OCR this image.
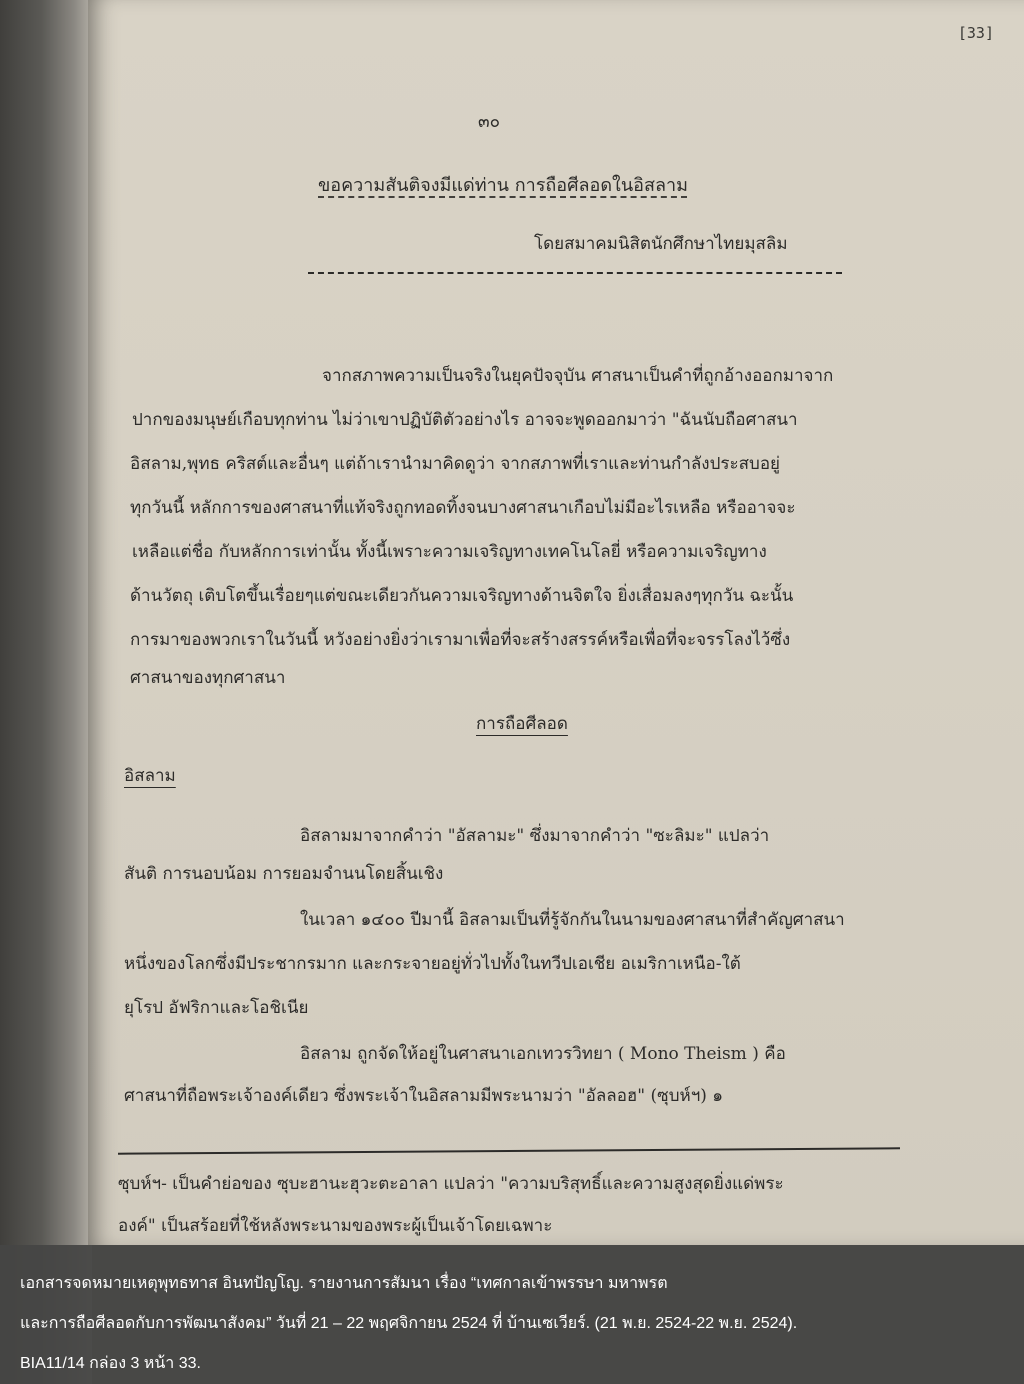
[33]
๓๐
ขอความสันติจงมีแด่ท่าน การถือศีลอดในอิสลาม
โดยสมาคมนิสิตนักศึกษาไทยมุสลิม
จากสภาพความเป็นจริงในยุคปัจจุบัน ศาสนาเป็นคำที่ถูกอ้างออกมาจาก
ปากของมนุษย์เกือบทุกท่าน ไม่ว่าเขาปฏิบัติตัวอย่างไร อาจจะพูดออกมาว่า "ฉันนับถือศาสนา
อิสลาม,พุทธ คริสต์และอื่นๆ แต่ถ้าเรานำมาคิดดูว่า จากสภาพที่เราและท่านกำลังประสบอยู่
ทุกวันนี้ หลักการของศาสนาที่แท้จริงถูกทอดทิ้งจนบางศาสนาเกือบไม่มีอะไรเหลือ หรืออาจจะ
เหลือแต่ชื่อ กับหลักการเท่านั้น ทั้งนี้เพราะความเจริญทางเทคโนโลยี่ หรือความเจริญทาง
ด้านวัตถุ เติบโตขึ้นเรื่อยๆแต่ขณะเดียวกันความเจริญทางด้านจิตใจ ยิ่งเสื่อมลงๆทุกวัน ฉะนั้น
การมาของพวกเราในวันนี้ หวังอย่างยิ่งว่าเรามาเพื่อที่จะสร้างสรรค์หรือเพื่อที่จะจรรโลงไว้ซึ่ง
ศาสนาของทุกศาสนา
การถือศีลอด
อิสลาม
อิสลามมาจากคำว่า "อัสลามะ" ซึ่งมาจากคำว่า "ซะลิมะ" แปลว่า
สันติ การนอบน้อม การยอมจำนนโดยสิ้นเชิง
ในเวลา ๑๔๐๐ ปีมานี้ อิสลามเป็นที่รู้จักกันในนามของศาสนาที่สำคัญศาสนา
หนึ่งของโลกซึ่งมีประชากรมาก และกระจายอยู่ทั่วไปทั้งในทวีปเอเชีย อเมริกาเหนือ-ใต้
ยุโรป อัฟริกาและโอชิเนีย
อิสลาม ถูกจัดให้อยู่ในศาสนาเอกเทวรวิทยา ( Mono Theism ) คือ
ศาสนาที่ถือพระเจ้าองค์เดียว ซึ่งพระเจ้าในอิสลามมีพระนามว่า "อัลลอฮ" (ซุบห์ฯ) ๑
ซุบห์ฯ- เป็นคำย่อของ ซุบะฮานะฮุวะตะอาลา แปลว่า "ความบริสุทธิ์และความสูงสุดยิ่งแด่พระ
องค์" เป็นสร้อยที่ใช้หลังพระนามของพระผู้เป็นเจ้าโดยเฉพาะ
เอกสารจดหมายเหตุพุทธทาส อินทปัญโญ. รายงานการสัมนา เรื่อง “เทศกาลเข้าพรรษา มหาพรต
และการถือศีลอดกับการพัฒนาสังคม” วันที่ 21 – 22 พฤศจิกายน 2524 ที่ บ้านเซเวียร์. (21 พ.ย. 2524-22 พ.ย. 2524).
BIA11/14 กล่อง 3 หน้า 33.
